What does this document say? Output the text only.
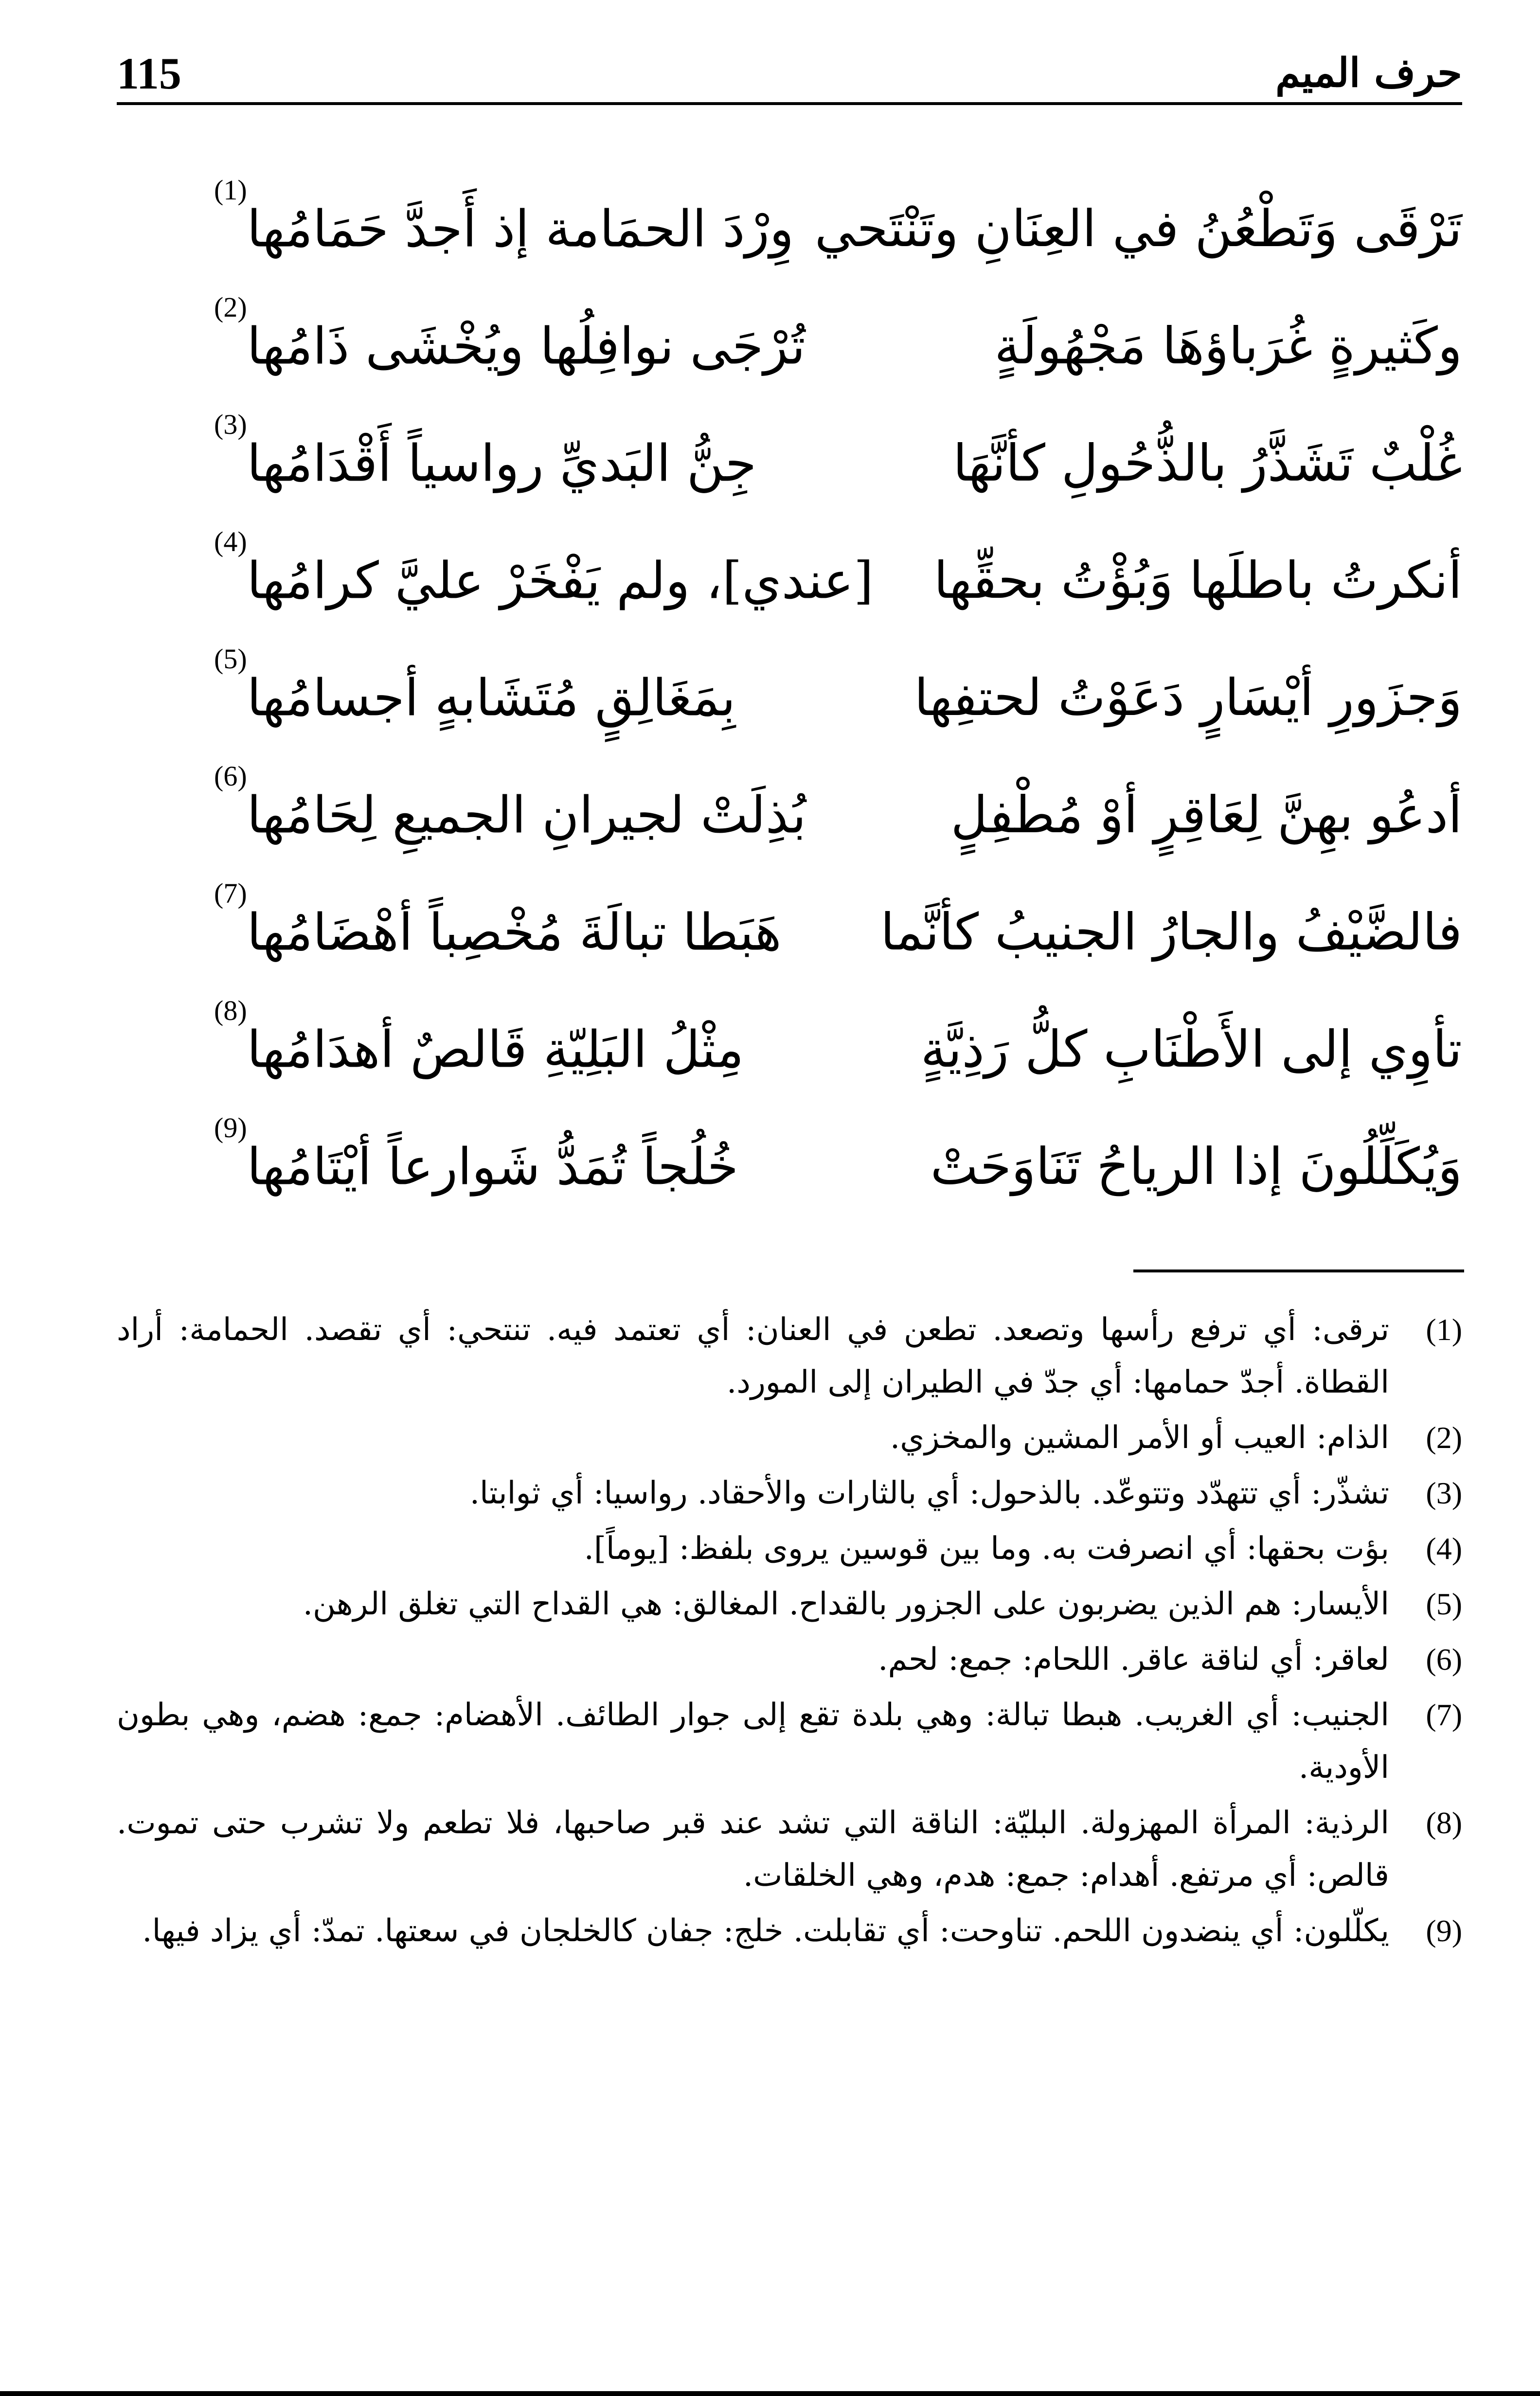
حرف الميم
115
تَرْقَى وَتَطْعُنُ في العِنَانِ وتَنْتَحي
وِرْدَ الحمَامة إذ أَجدَّ حَمَامُها$^{(1)}$
وكَثيرةٍ غُرَباؤهَا مَجْهُولَةٍ
تُرْجَى نوافِلُها ويُخْشَى ذَامُها$^{(2)}$
غُلْبٌ تَشَذَّرُ بالذُّحُولِ كأنَّهَا
جِنُّ البَديِّ رواسياً أَقْدَامُها$^{(3)}$
أنكرتُ باطلَها وَبُؤْتُ بحقِّها
[عندي]، ولم يَفْخَرْ عليَّ كرامُها$^{(4)}$
وَجزَورِ أيْسَارٍ دَعَوْتُ لحتفِها
بِمَغَالِقٍ مُتَشَابهٍ أجسامُها$^{(5)}$
أدعُو بهِنَّ لِعَاقِرٍ أوْ مُطْفِلٍ
بُذِلَتْ لجيرانِ الجميعِ لِحَامُها$^{(6)}$
فالضَّيْفُ والجارُ الجنيبُ كأنَّما
هَبَطا تبالَةَ مُخْصِباً أهْضَامُها$^{(7)}$
تأوِي إلى الأَطْنَابِ كلُّ رَذِيَّةٍ
مِثْلُ البَلِيّةِ قَالصٌ أهدَامُها$^{(8)}$
وَيُكَلِّلُونَ إذا الرياحُ تَنَاوَحَتْ
خُلُجاً تُمَدُّ شَوارعاً أيْتَامُها$^{(9)}$
(1)
ترقى: أي ترفع رأسها وتصعد. تطعن في العنان: أي تعتمد فيه. تنتحي: أي تقصد. الحمامة: أراد القطاة. أجدّ حمامها: أي جدّ في الطيران إلى المورد.
(2)
الذام: العيب أو الأمر المشين والمخزي.
(3)
تشذّر: أي تتهدّد وتتوعّد. بالذحول: أي بالثارات والأحقاد. رواسيا: أي ثوابتا.
(4)
بؤت بحقها: أي انصرفت به. وما بين قوسين يروى بلفظ: [يوماً].
(5)
الأيسار: هم الذين يضربون على الجزور بالقداح. المغالق: هي القداح التي تغلق الرهن.
(6)
لعاقر: أي لناقة عاقر. اللحام: جمع: لحم.
(7)
الجنيب: أي الغريب. هبطا تبالة: وهي بلدة تقع إلى جوار الطائف. الأهضام: جمع: هضم، وهي بطون الأودية.
(8)
الرذية: المرأة المهزولة. البليّة: الناقة التي تشد عند قبر صاحبها، فلا تطعم ولا تشرب حتى تموت. قالص: أي مرتفع. أهدام: جمع: هدم، وهي الخلقات.
(9)
يكلّلون: أي ينضدون اللحم. تناوحت: أي تقابلت. خلج: جفان كالخلجان في سعتها. تمدّ: أي يزاد فيها.
